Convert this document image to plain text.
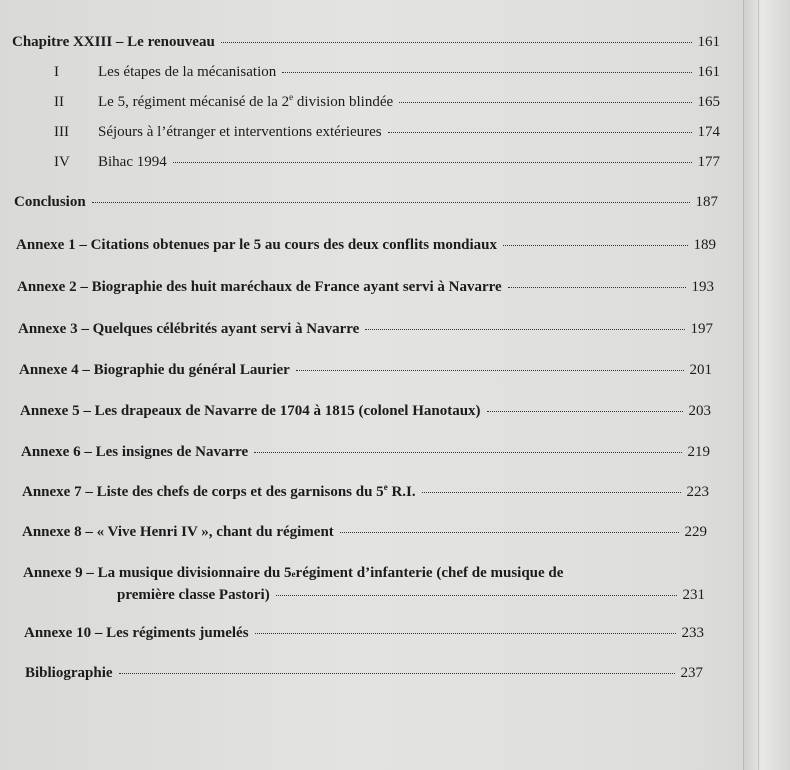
Chapitre XXIII – Le renouveau	161
I	Les étapes de la mécanisation	161
II Le 5, régiment mécanisé de la 2e division blindée	165
III Séjours à l’étranger et interventions extérieures	174
IV Bihac 1994	177
Conclusion	187
Annexe 1 – Citations obtenues par le 5 au cours des deux conflits mondiaux	189
Annexe 2 – Biographie des huit maréchaux de France ayant servi à Navarre	193
Annexe 3 – Quelques célébrités ayant servi à Navarre	197
Annexe 4 – Biographie du général Laurier	201
Annexe 5 – Les drapeaux de Navarre de 1704 à 1815 (colonel Hanotaux)	203
Annexe 6 – Les insignes de Navarre	219
Annexe 7 – Liste des chefs de corps et des garnisons du 5e R.I.	223
Annexe 8 – « Vive Henri IV », chant du régiment	229
Annexe 9 – La musique divisionnaire du 5 e régiment d’infanterie (chef de musique de
première classe Pastori)	231
Annexe 10 – Les régiments jumelés	233
Bibliographie	237
